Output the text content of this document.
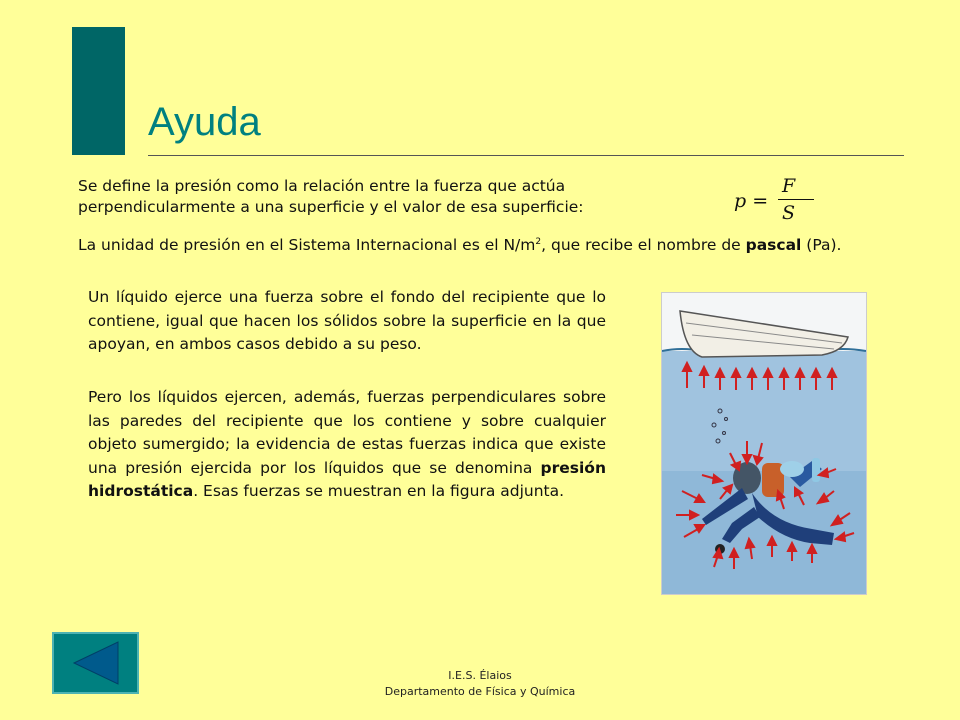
Ayuda

Se define la presión como la relación entre la fuerza que actúa
perpendicularmente a una superficie y el valor de esa superficie:	p =
F
S

La unidad de presión en el Sistema Internacional es el $N/m^2$, que recibe el nombre de pascal (Pa).

Un líquido ejerce una fuerza sobre el fondo del recipiente que lo contiene, igual que hacen los sólidos sobre la superficie en la que apoyan, en ambos casos debido a su peso.

Pero los líquidos ejercen, además, fuerzas perpendiculares sobre las paredes del recipiente que los contiene y sobre cualquier objeto sumergido; la evidencia de estas fuerzas indica que existe una presión ejercida por los líquidos que se denomina presión hidrostática. Esas fuerzas se muestran en la figura adjunta.

I.E.S. Élaios
Departamento de Física y Química
